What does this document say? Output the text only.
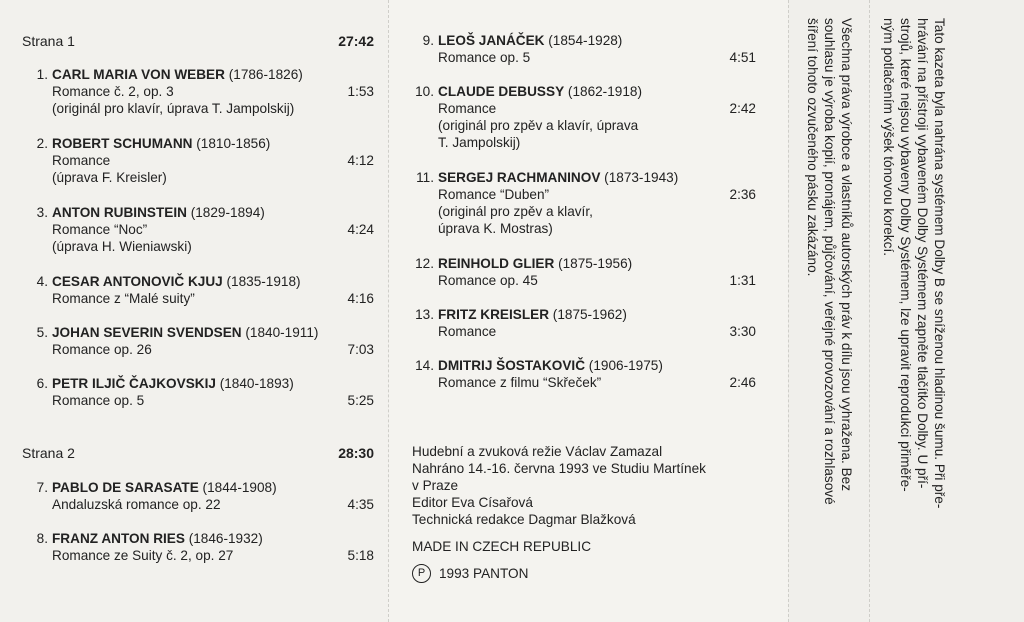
Strana 1	27:42
1. CARL MARIA VON WEBER (1786-1826)
Romance č. 2, op. 3
(originál pro klavír, úprava T. Jampolskij)
1:53
2. ROBERT SCHUMANN (1810-1856)
Romance
(úprava F. Kreisler)
4:12
3. ANTON RUBINSTEIN (1829-1894)
Romance “Noc”
(úprava H. Wieniawski)
4:24
4. CESAR ANTONOVIČ KJUJ (1835-1918)
Romance z “Malé suity”	4:16
5. JOHAN SEVERIN SVENDSEN (1840-1911)
Romance op. 26	7:03
6. PETR ILJIČ ČAJKOVSKIJ (1840-1893)
Romance op. 5	5:25
Strana 2	28:30
7. PABLO DE SARASATE (1844-1908)
Andaluzská romance op. 22	4:35
8. FRANZ ANTON RIES (1846-1932)
Romance ze Suity č. 2, op. 27	5:18
9. LEOŠ JANÁČEK (1854-1928)
Romance op. 5	4:51
10. CLAUDE DEBUSSY (1862-1918)
Romance
(originál pro zpěv a klavír, úprava
T. Jampolskij)
2:42
11. SERGEJ RACHMANINOV (1873-1943)
Romance “Duben”
(originál pro zpěv a klavír,
úprava K. Mostras)
2:36
12. REINHOLD GLIER (1875-1956)
Romance op. 45	1:31
13. FRITZ KREISLER (1875-1962)
Romance	3:30
14. DMITRIJ ŠOSTAKOVIČ (1906-1975)
Romance z filmu “Skřeček”	2:46
Hudební a zvuková režie Václav Zamazal
Nahráno 14.-16. června 1993 ve Studiu Martínek
v Praze
Editor Eva Císařová
Technická redakce Dagmar Blažková
MADE IN CZECH REPUBLIC
P	1993 PANTON
Všechna práva výrobce a vlastníků autorských práv k dílu jsou vyhražena. Bez
souhlasu je výroba kopií, pronájem, půjčování, veřejné provozování a rozhlasové
šíření tohoto ozvučeného pásku zakázáno.	Tato kazeta byla nahrána systémem Dolby B se sníženou hladinou šumu. Při pře-
hrávání na přístroji vybaveném Dolby Systémem zapněte tlačítko Dolby. U pří-
strojů, které nejsou vybaveny Dolby Systémem, lze upravit reprodukci přiměře-
ným potlačením výšek tónovou korekcí.
